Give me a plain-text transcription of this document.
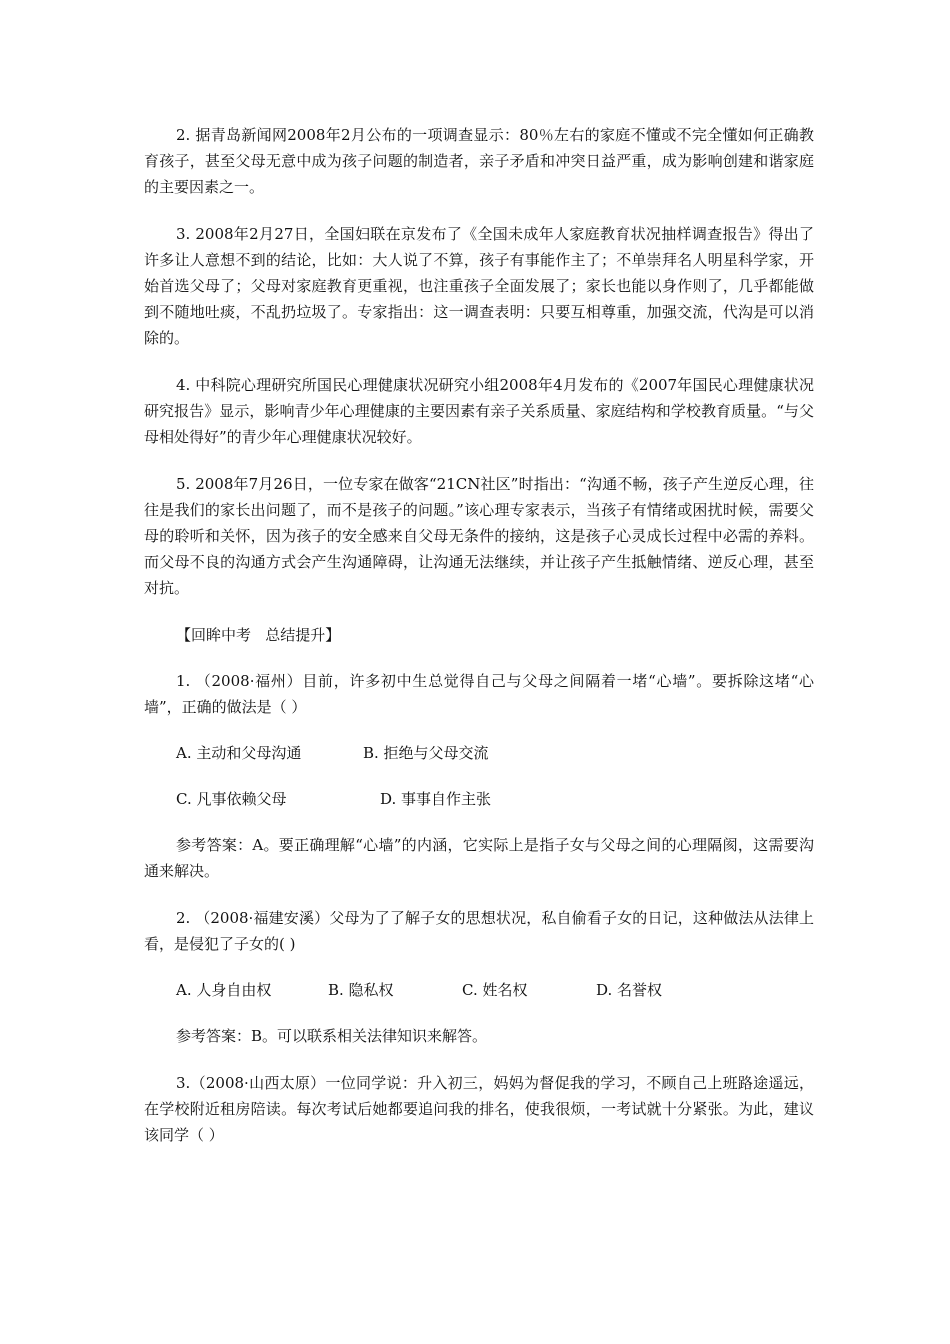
2. 据青岛新闻网2008年2月公布的一项调查显示：80％左右的家庭不懂或不完全懂如何正确教育孩子，甚至父母无意中成为孩子问题的制造者，亲子矛盾和冲突日益严重，成为影响创建和谐家庭的主要因素之一。

3. 2008年2月27日，全国妇联在京发布了《全国未成年人家庭教育状况抽样调查报告》得出了许多让人意想不到的结论，比如：大人说了不算，孩子有事能作主了；不单崇拜名人明星科学家，开始首选父母了；父母对家庭教育更重视，也注重孩子全面发展了；家长也能以身作则了，几乎都能做到不随地吐痰，不乱扔垃圾了。专家指出：这一调查表明：只要互相尊重，加强交流，代沟是可以消除的。

4. 中科院心理研究所国民心理健康状况研究小组2008年4月发布的《2007年国民心理健康状况研究报告》显示，影响青少年心理健康的主要因素有亲子关系质量、家庭结构和学校教育质量。“与父母相处得好”的青少年心理健康状况较好。

5. 2008年7月26日，一位专家在做客“21CN社区”时指出：“沟通不畅，孩子产生逆反心理，往往是我们的家长出问题了，而不是孩子的问题。”该心理专家表示，当孩子有情绪或困扰时候，需要父母的聆听和关怀，因为孩子的安全感来自父母无条件的接纳，这是孩子心灵成长过程中必需的养料。而父母不良的沟通方式会产生沟通障碍，让沟通无法继续，并让孩子产生抵触情绪、逆反心理，甚至对抗。

【回眸中考   总结提升】

1. （2008·福州）目前，许多初中生总觉得自己与父母之间隔着一堵“心墙”。要拆除这堵“心墙”，正确的做法是（ ）

A. 主动和父母沟通	B. 拒绝与父母交流
C. 凡事依赖父母	D. 事事自作主张

参考答案：A。要正确理解“心墙”的内涵，它实际上是指子女与父母之间的心理隔阂，这需要沟通来解决。

2. （2008·福建安溪）父母为了了解子女的思想状况，私自偷看子女的日记，这种做法从法律上看，是侵犯了子女的( )

A. 人身自由权	B. 隐私权	C. 姓名权	D. 名誉权

参考答案：B。可以联系相关法律知识来解答。

3.（2008·山西太原）一位同学说：升入初三，妈妈为督促我的学习，不顾自己上班路途遥远，在学校附近租房陪读。每次考试后她都要追问我的排名，使我很烦，一考试就十分紧张。为此，建议该同学（ ）
